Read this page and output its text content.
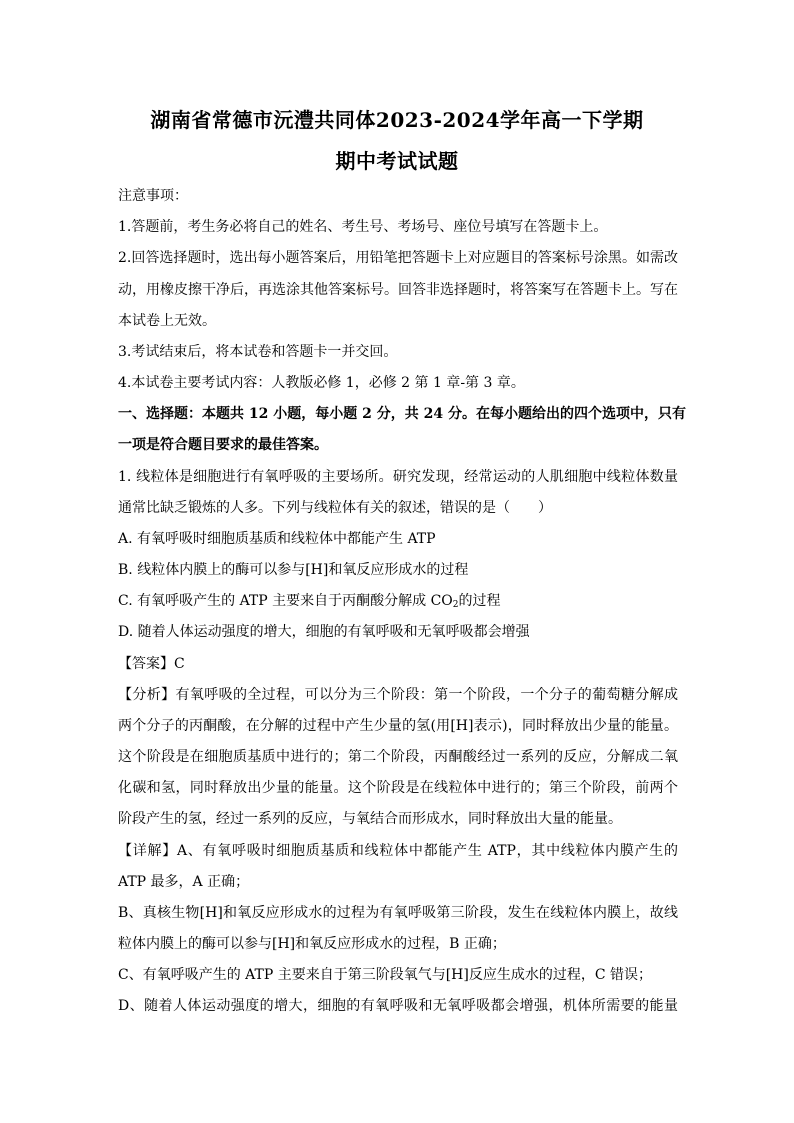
湖南省常德市沅澧共同体2023-2024学年高一下学期
期中考试试题
注意事项：
1.答题前，考生务必将自己的姓名、考生号、考场号、座位号填写在答题卡上。
2.回答选择题时，选出每小题答案后，用铅笔把答题卡上对应题目的答案标号涂黑。如需改
动，用橡皮擦干净后，再选涂其他答案标号。回答非选择题时，将答案写在答题卡上。写在
本试卷上无效。
3.考试结束后，将本试卷和答题卡一并交回。
4.本试卷主要考试内容：人教版必修 1，必修 2 第 1 章-第 3 章。
一、选择题：本题共 12 小题，每小题 2 分，共 24 分。在每小题给出的四个选项中，只有
一项是符合题目要求的最佳答案。
1. 线粒体是细胞进行有氧呼吸的主要场所。研究发现，经常运动的人肌细胞中线粒体数量
通常比缺乏锻炼的人多。下列与线粒体有关的叙述，错误的是（　　）
A. 有氧呼吸时细胞质基质和线粒体中都能产生 ATP
B. 线粒体内膜上的酶可以参与[H]和氧反应形成水的过程
C. 有氧呼吸产生的 ATP 主要来自于丙酮酸分解成 $CO_2$的过程
D. 随着人体运动强度的增大，细胞的有氧呼吸和无氧呼吸都会增强
【答案】C
【分析】有氧呼吸的全过程，可以分为三个阶段：第一个阶段，一个分子的葡萄糖分解成
两个分子的丙酮酸，在分解的过程中产生少量的氢(用[H]表示)，同时释放出少量的能量。
这个阶段是在细胞质基质中进行的；第二个阶段，丙酮酸经过一系列的反应，分解成二氧
化碳和氢，同时释放出少量的能量。这个阶段是在线粒体中进行的；第三个阶段，前两个
阶段产生的氢，经过一系列的反应，与氧结合而形成水，同时释放出大量的能量。
【详解】A、有氧呼吸时细胞质基质和线粒体中都能产生 ATP，其中线粒体内膜产生的
ATP 最多，A 正确；
B、真核生物[H]和氧反应形成水的过程为有氧呼吸第三阶段，发生在线粒体内膜上，故线
粒体内膜上的酶可以参与[H]和氧反应形成水的过程，B 正确；
C、有氧呼吸产生的 ATP 主要来自于第三阶段氧气与[H]反应生成水的过程，C 错误；
D、随着人体运动强度的增大，细胞的有氧呼吸和无氧呼吸都会增强，机体所需要的能量
